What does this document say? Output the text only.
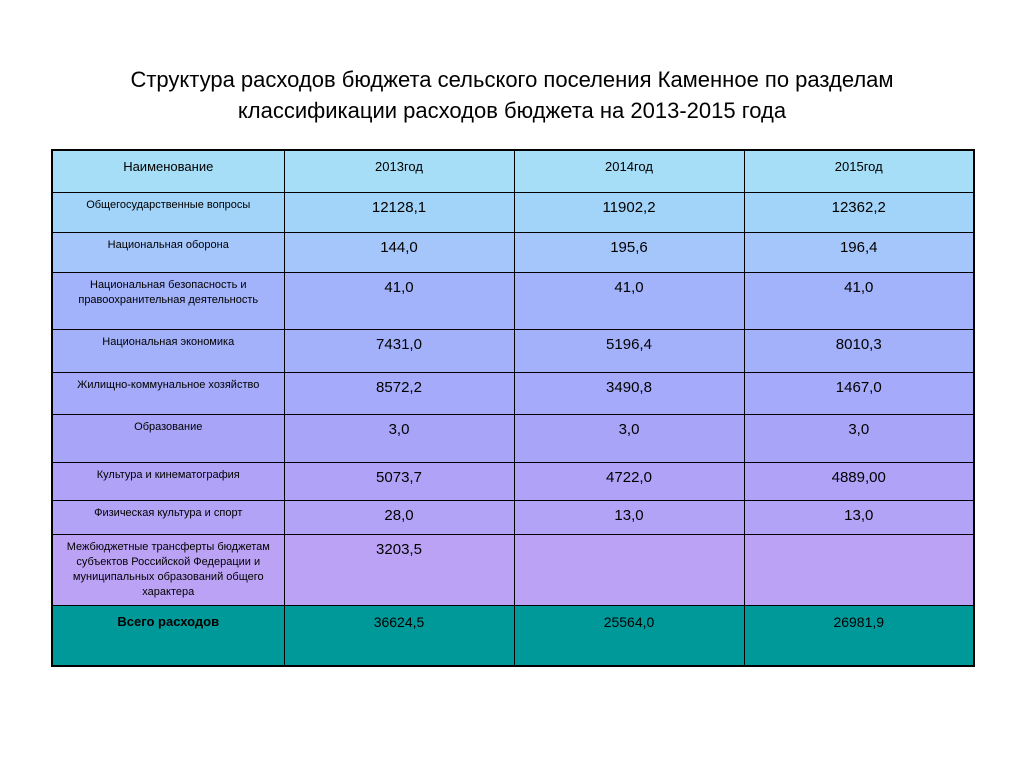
Структура расходов бюджета сельского поселения Каменное по разделам
классификации расходов бюджета на 2013-2015 года
Наименование	2013год	2014год	2015год
Общегосударственные вопросы	12128,1	11902,2	12362,2
Национальная оборона	144,0	195,6	196,4
Национальная безопасность и правоохранительная деятельность	41,0	41,0	41,0
Национальная экономика	7431,0	5196,4	8010,3
Жилищно-коммунальное хозяйство	8572,2	3490,8	1467,0
Образование	3,0	3,0	3,0
Культура и кинематография	5073,7	4722,0	4889,00
Физическая культура и спорт	28,0	13,0	13,0
Межбюджетные трансферты бюджетам субъектов Российской Федерации и муниципальных образований общего характера	3203,5		
Всего расходов	36624,5	25564,0	26981,9
